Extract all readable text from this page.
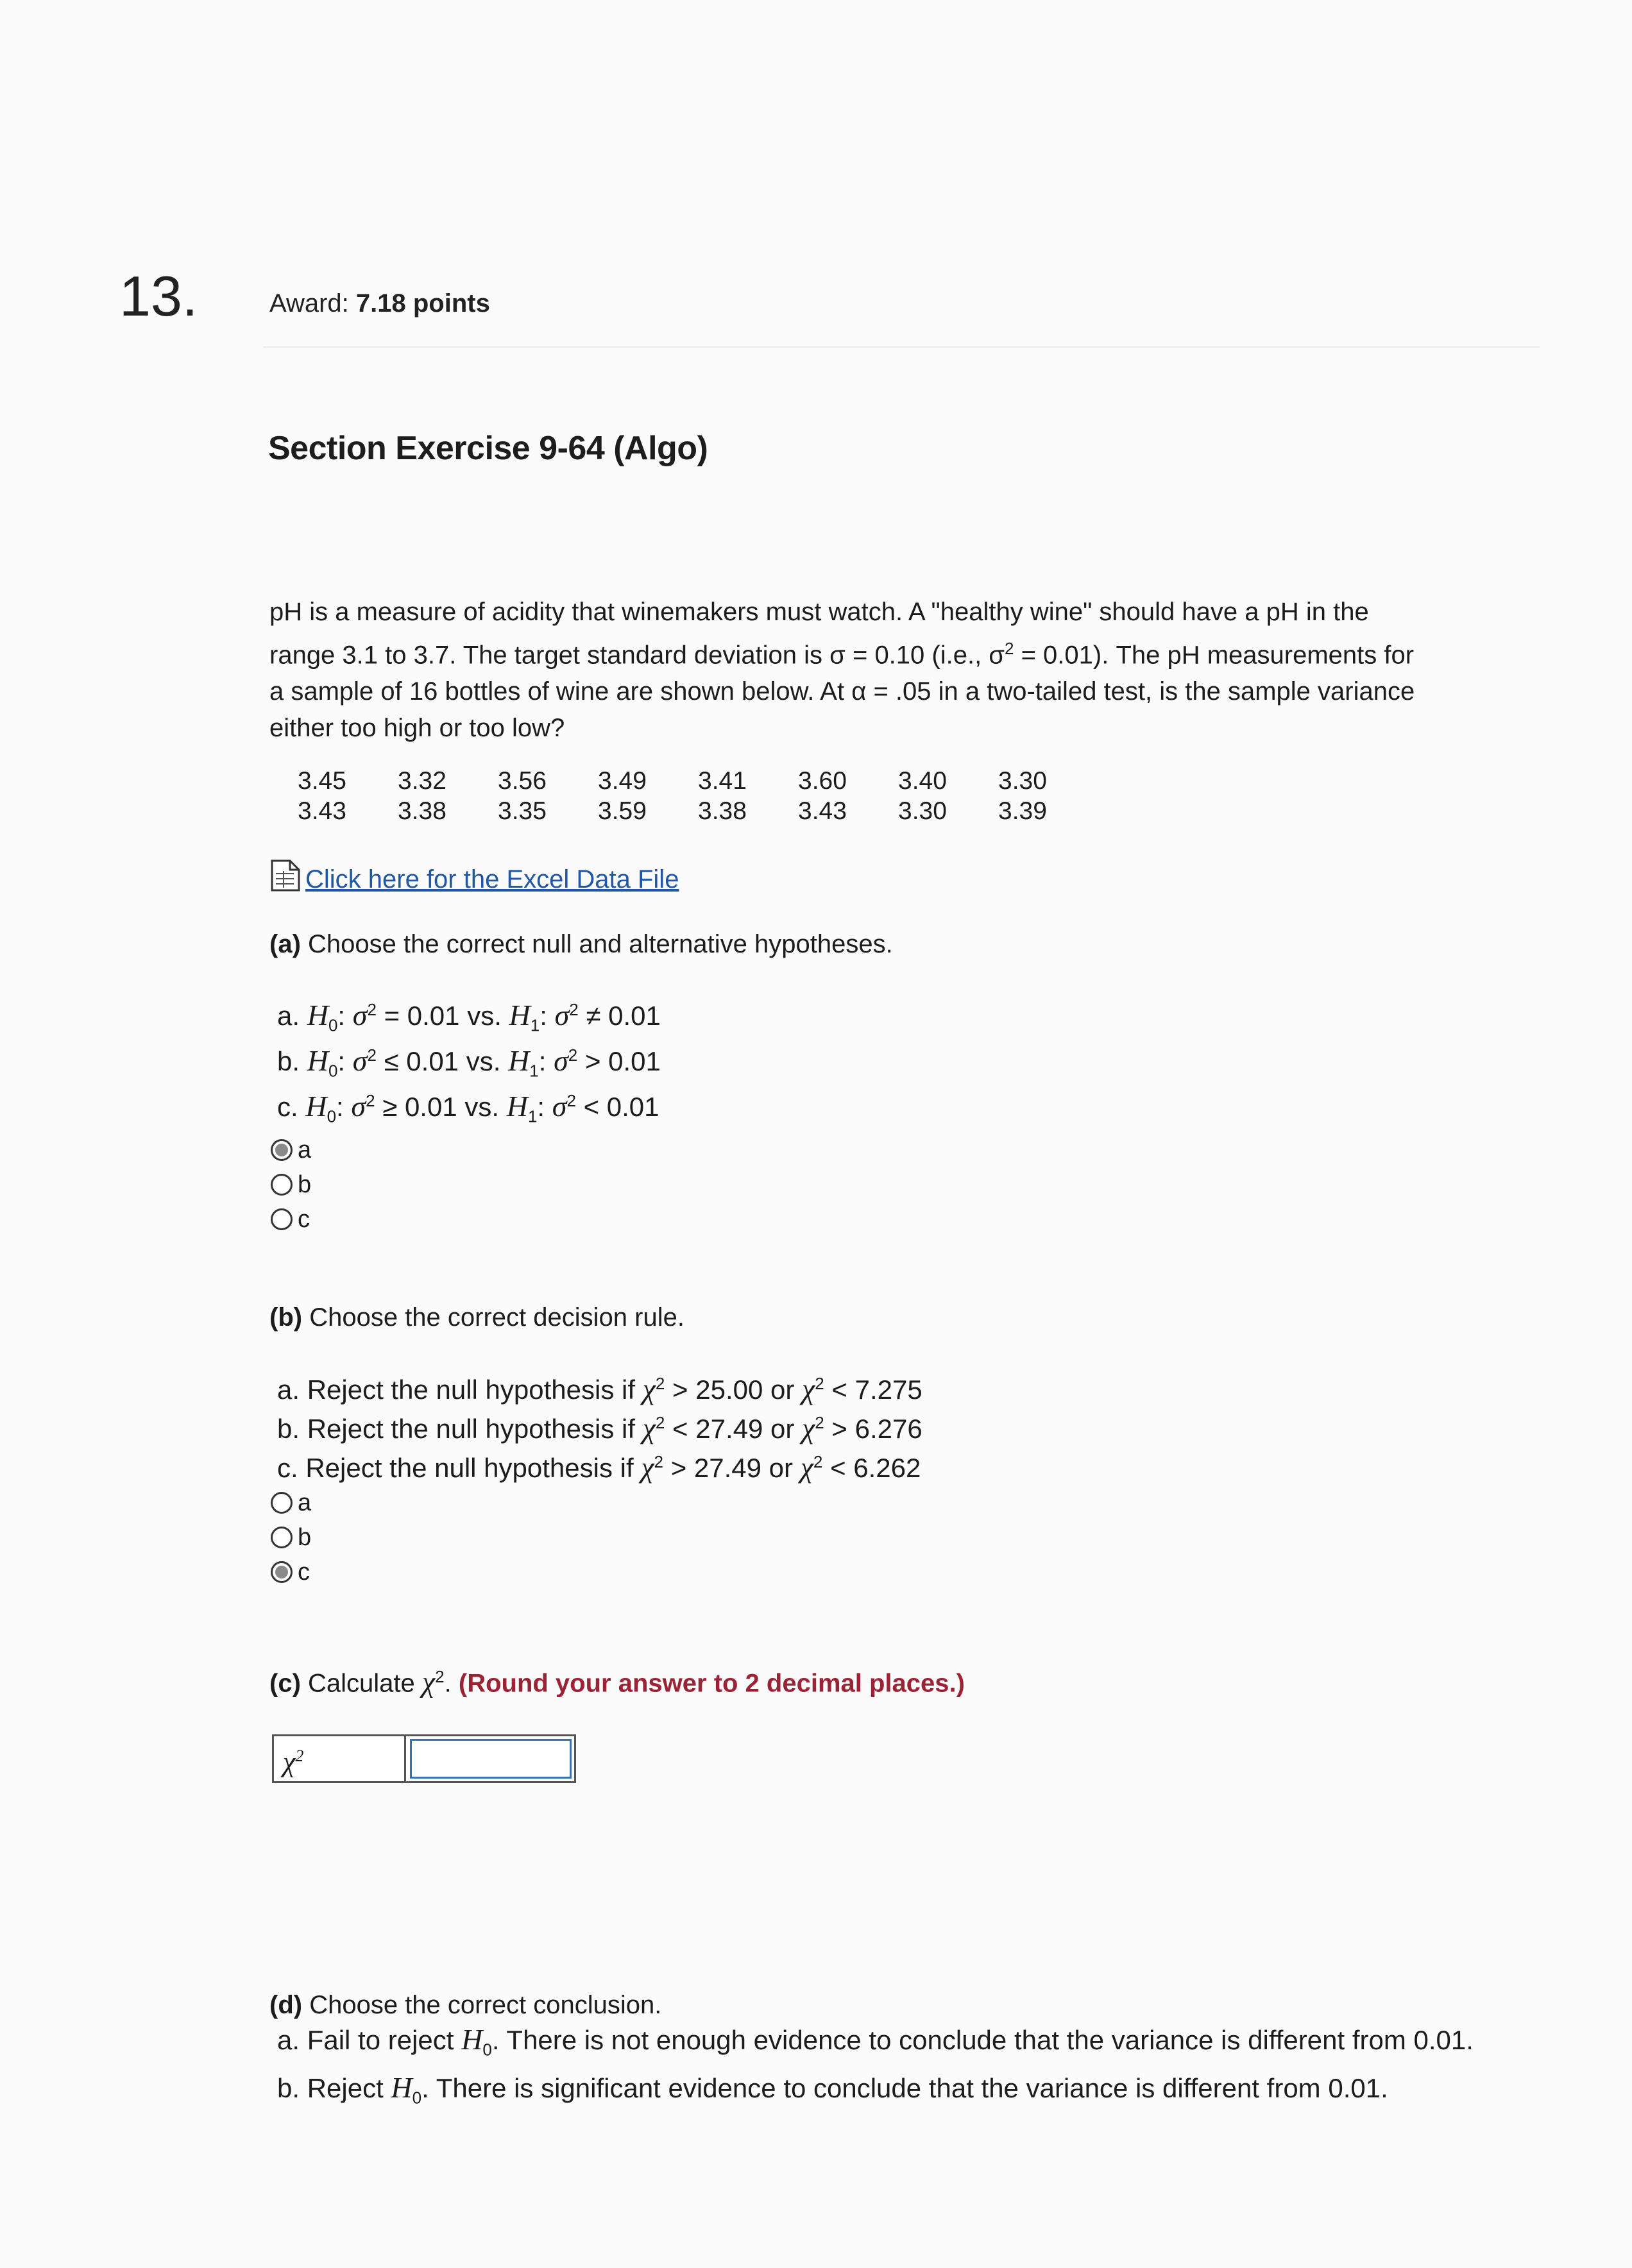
13.	Award: 7.18 points
Section Exercise 9-64 (Algo)

pH is a measure of acidity that winemakers must watch. A "healthy wine" should have a pH in the

range 3.1 to 3.7. The target standard deviation is σ = 0.10 (i.e., $\sigma^2 = 0.01$). The pH measurements for

a sample of 16 bottles of wine are shown below. At α = .05 in a two-tailed test, is the sample variance

either too high or too low?

3.45	3.32	3.56	3.49	3.41	3.60	3.40	3.30
3.43	3.38	3.35	3.59	3.38	3.43	3.30	3.39
Click here for the Excel Data File
(a) Choose the correct null and alternative hypotheses.
a. $H_0$: $\sigma^2 = 0.01$ vs. $H_1$: $\sigma^2 \ne 0.01$
b. $H_0$: $\sigma^2 \le 0.01$ vs. $H_1$: $\sigma^2 > 0.01$
c. $H_0$: $\sigma^2 \ge 0.01$ vs. $H_1$: $\sigma^2 < 0.01$
a
b
c
(b) Choose the correct decision rule.
a. Reject the null hypothesis if $\chi^2 > 25.00$ or $\chi^2 < 7.275$
b. Reject the null hypothesis if $\chi^2 < 27.49$ or $\chi^2 > 6.276$
c. Reject the null hypothesis if $\chi^2 > 27.49$ or $\chi^2 < 6.262$
a
b
c
(c) Calculate $\chi^2$. (Round your answer to 2 decimal places.)
$\chi^2$
(d) Choose the correct conclusion.
a. Fail to reject $H_0$. There is not enough evidence to conclude that the variance is different from 0.01.
b. Reject $H_0$. There is significant evidence to conclude that the variance is different from 0.01.
